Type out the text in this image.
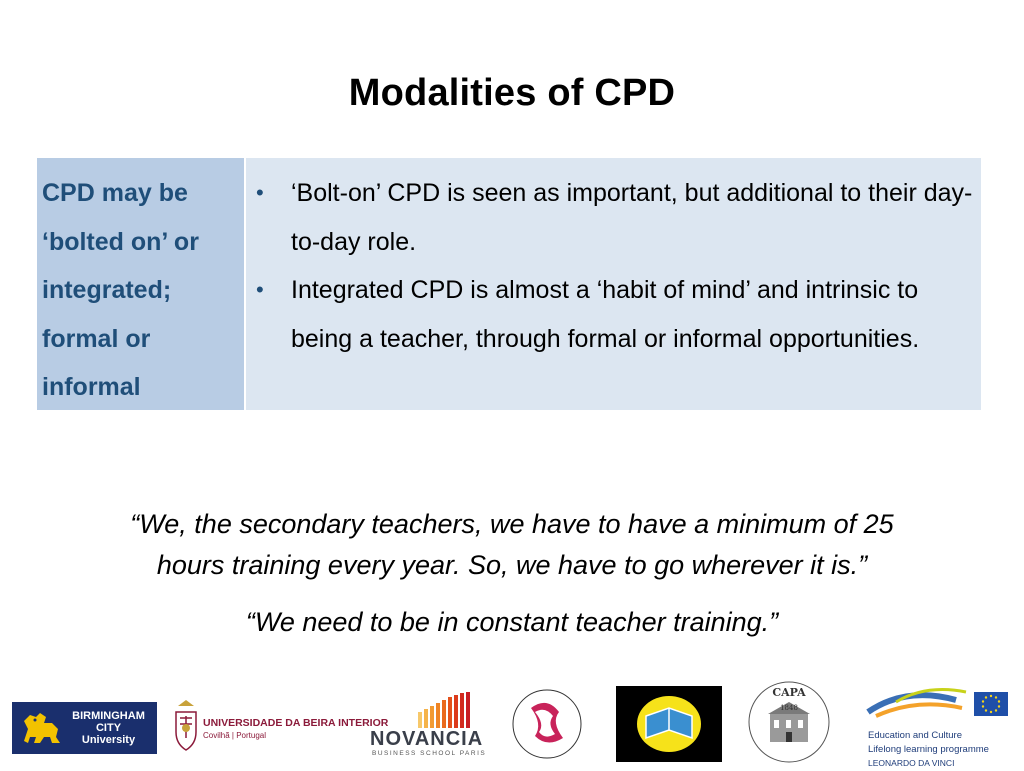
Modalities of CPD
CPD may be
‘bolted on’ or
integrated;
formal or
informal
• ‘Bolt-on’ CPD is seen as important, but additional to their day-to-day role.
• Integrated CPD is almost a ‘habit of mind’ and intrinsic to being a teacher, through formal or informal opportunities.
“We, the secondary teachers, we have to have a minimum of 25
hours training every year. So, we have to go wherever it is.”
“We need to be in constant teacher training.”
BIRMINGHAM
CITY
University
UNIVERSIDADE DA BEIRA INTERIOR
Covilhã | Portugal	NOVANCIA
BUSINESS SCHOOL PARIS
CAPA
1848
Education and Culture
Lifelong learning programme
LEONARDO DA VINCI
